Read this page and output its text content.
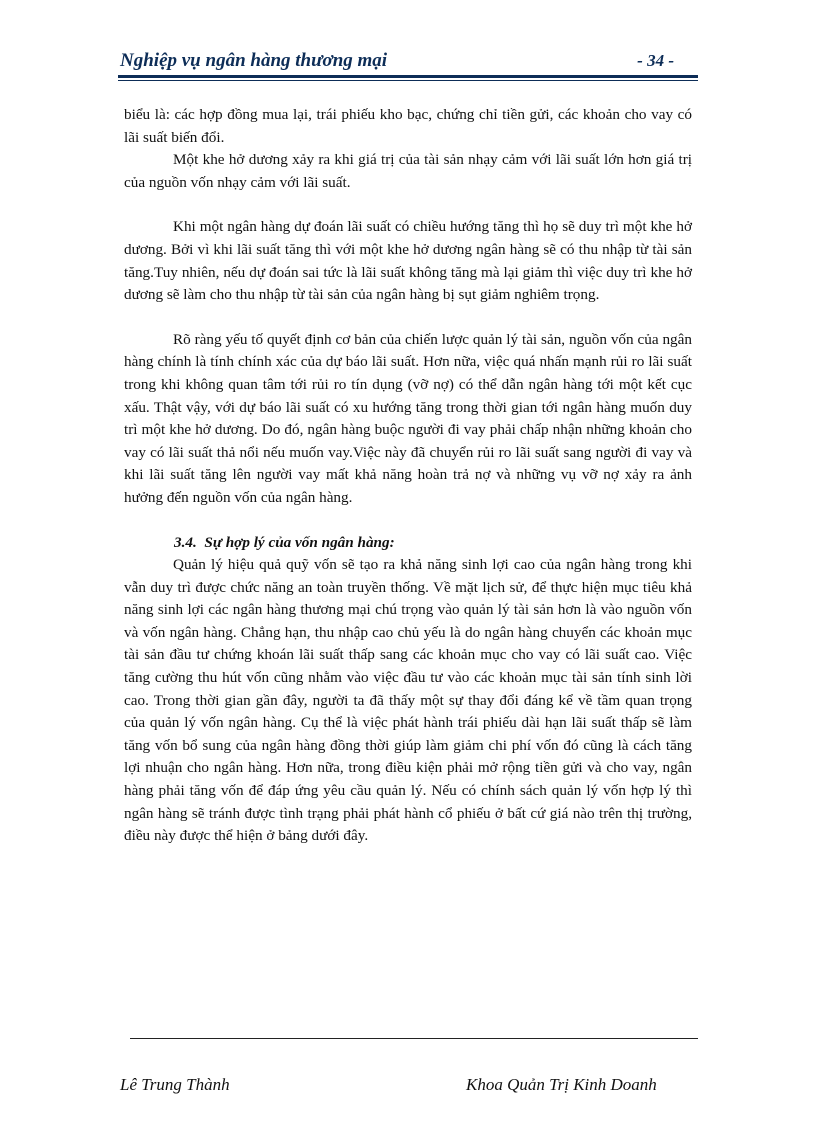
Nghiệp vụ ngân hàng thương mại	- 34 -

biểu là: các hợp đồng mua lại, trái phiếu kho bạc, chứng chỉ tiền gửi, các khoản cho vay có lãi suất biến đổi.

Một khe hở dương xảy ra khi giá trị của tài sản nhạy cảm với lãi suất lớn hơn giá trị của nguồn vốn nhạy cảm với lãi suất.

Khi một ngân hàng dự đoán lãi suất có chiều hướng tăng thì họ sẽ duy trì một khe hở dương. Bởi vì khi lãi suất tăng thì với một khe hở dương ngân hàng sẽ có thu nhập từ tài sản tăng.Tuy nhiên, nếu dự đoán sai tức là lãi suất không tăng mà lại giảm thì việc duy trì khe hở dương sẽ làm cho thu nhập từ tài sản của ngân hàng bị sụt giảm nghiêm trọng.

Rõ ràng yếu tố quyết định cơ bản của chiến lược quản lý tài sản, nguồn vốn của ngân hàng chính là tính chính xác của dự báo lãi suất. Hơn nữa, việc quá nhấn mạnh rủi ro lãi suất trong khi không quan tâm tới rủi ro tín dụng (vỡ nợ) có thể dẫn ngân hàng tới một kết cục xấu. Thật vậy, với dự báo lãi suất có xu hướng tăng trong thời gian tới ngân hàng muốn duy trì một khe hở dương. Do đó, ngân hàng buộc người đi vay phải chấp nhận những khoản cho vay có lãi suất thả nổi nếu muốn vay.Việc này đã chuyển rủi ro lãi suất sang người đi vay và khi lãi suất tăng lên người vay mất khả năng hoàn trả nợ và những vụ vỡ nợ xảy ra ảnh hưởng đến nguồn vốn của ngân hàng.

3.4.  Sự hợp lý của vốn ngân hàng:

Quản lý hiệu quả quỹ vốn sẽ tạo ra khả năng sinh lợi cao của ngân hàng trong khi vẫn duy trì được chức năng an toàn truyền thống. Về mặt lịch sử, để thực hiện mục tiêu khả năng sinh lợi các ngân hàng thương mại chú trọng vào quản lý tài sản hơn là vào nguồn vốn và vốn ngân hàng. Chẳng hạn, thu nhập cao chủ yếu là do ngân hàng chuyển các khoản mục tài sản đầu tư chứng khoán lãi suất thấp sang các khoản mục cho vay có lãi suất cao. Việc tăng cường thu hút vốn cũng nhằm vào việc đầu tư vào các khoản mục tài sản tính sinh lời cao. Trong thời gian gần đây, người ta đã thấy một sự thay đổi đáng kể về tầm quan trọng của quản lý vốn ngân hàng. Cụ thể là việc phát hành trái phiếu dài hạn lãi suất thấp sẽ làm tăng vốn bổ sung của ngân hàng đồng thời giúp làm giảm chi phí vốn đó cũng là cách tăng lợi nhuận cho ngân hàng. Hơn nữa, trong điều kiện phải mở rộng tiền gửi và cho vay, ngân hàng phải tăng vốn để đáp ứng yêu cầu quản lý. Nếu có chính sách quản lý vốn hợp lý thì ngân hàng sẽ tránh được tình trạng phải phát hành cổ phiếu ở bất cứ giá nào trên thị trường, điều này được thể hiện ở bảng dưới đây.

Lê Trung Thành	Khoa Quản Trị Kinh Doanh
